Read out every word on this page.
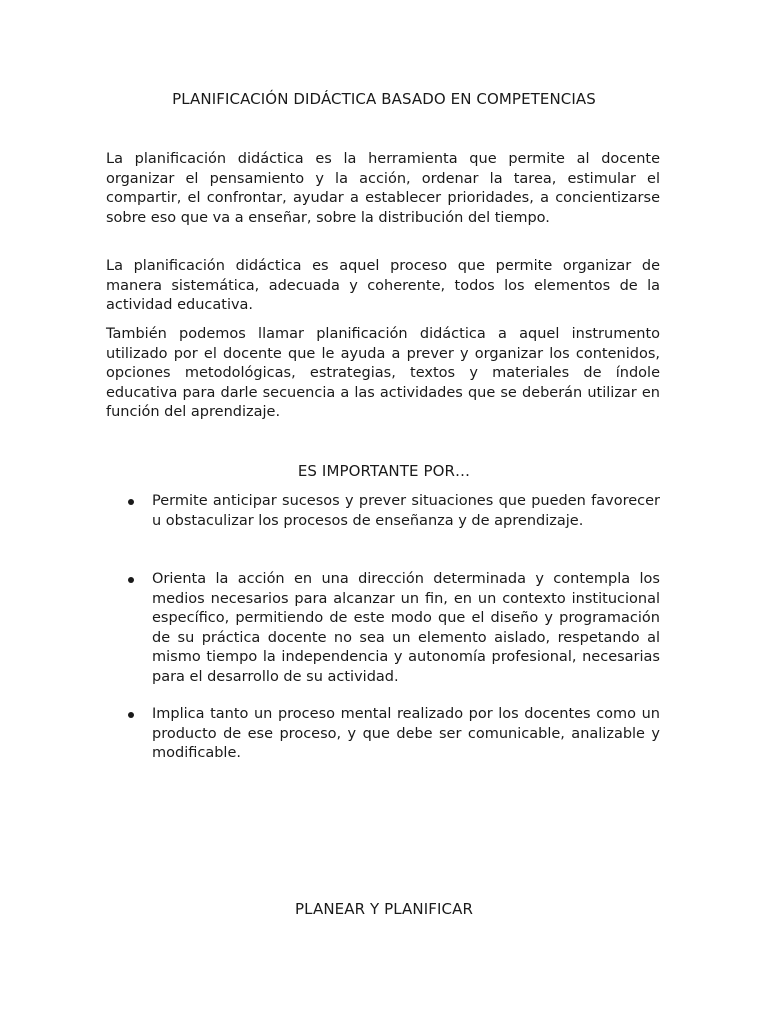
PLANIFICACIÓN DIDÁCTICA BASADO EN COMPETENCIAS

La planificación didáctica es la herramienta que permite al docente organizar el pensamiento y la acción, ordenar la tarea, estimular el compartir, el confrontar, ayudar a establecer prioridades, a concientizarse sobre eso que va a enseñar, sobre la distribución del tiempo.

La planificación didáctica es aquel proceso que permite organizar de manera sistemática, adecuada y coherente, todos los elementos de la actividad educativa.

También podemos llamar planificación didáctica a aquel instrumento utilizado por el docente que le ayuda a prever y organizar los contenidos, opciones metodológicas, estrategias, textos y materiales de índole educativa para darle secuencia a las actividades que se deberán utilizar en función del aprendizaje.

ES IMPORTANTE POR…
Permite anticipar sucesos y prever situaciones que pueden favorecer u obstaculizar los procesos de enseñanza y de aprendizaje.
Orienta la acción en una dirección determinada y contempla los medios necesarios para alcanzar un fin, en un contexto institucional específico, permitiendo de este modo que el diseño y programación de su práctica docente no sea un elemento aislado, respetando al mismo tiempo la independencia y autonomía profesional, necesarias para el desarrollo de su actividad.
Implica tanto un proceso mental realizado por los docentes como un producto de ese proceso, y que debe ser comunicable, analizable y modificable.
PLANEAR Y PLANIFICAR
